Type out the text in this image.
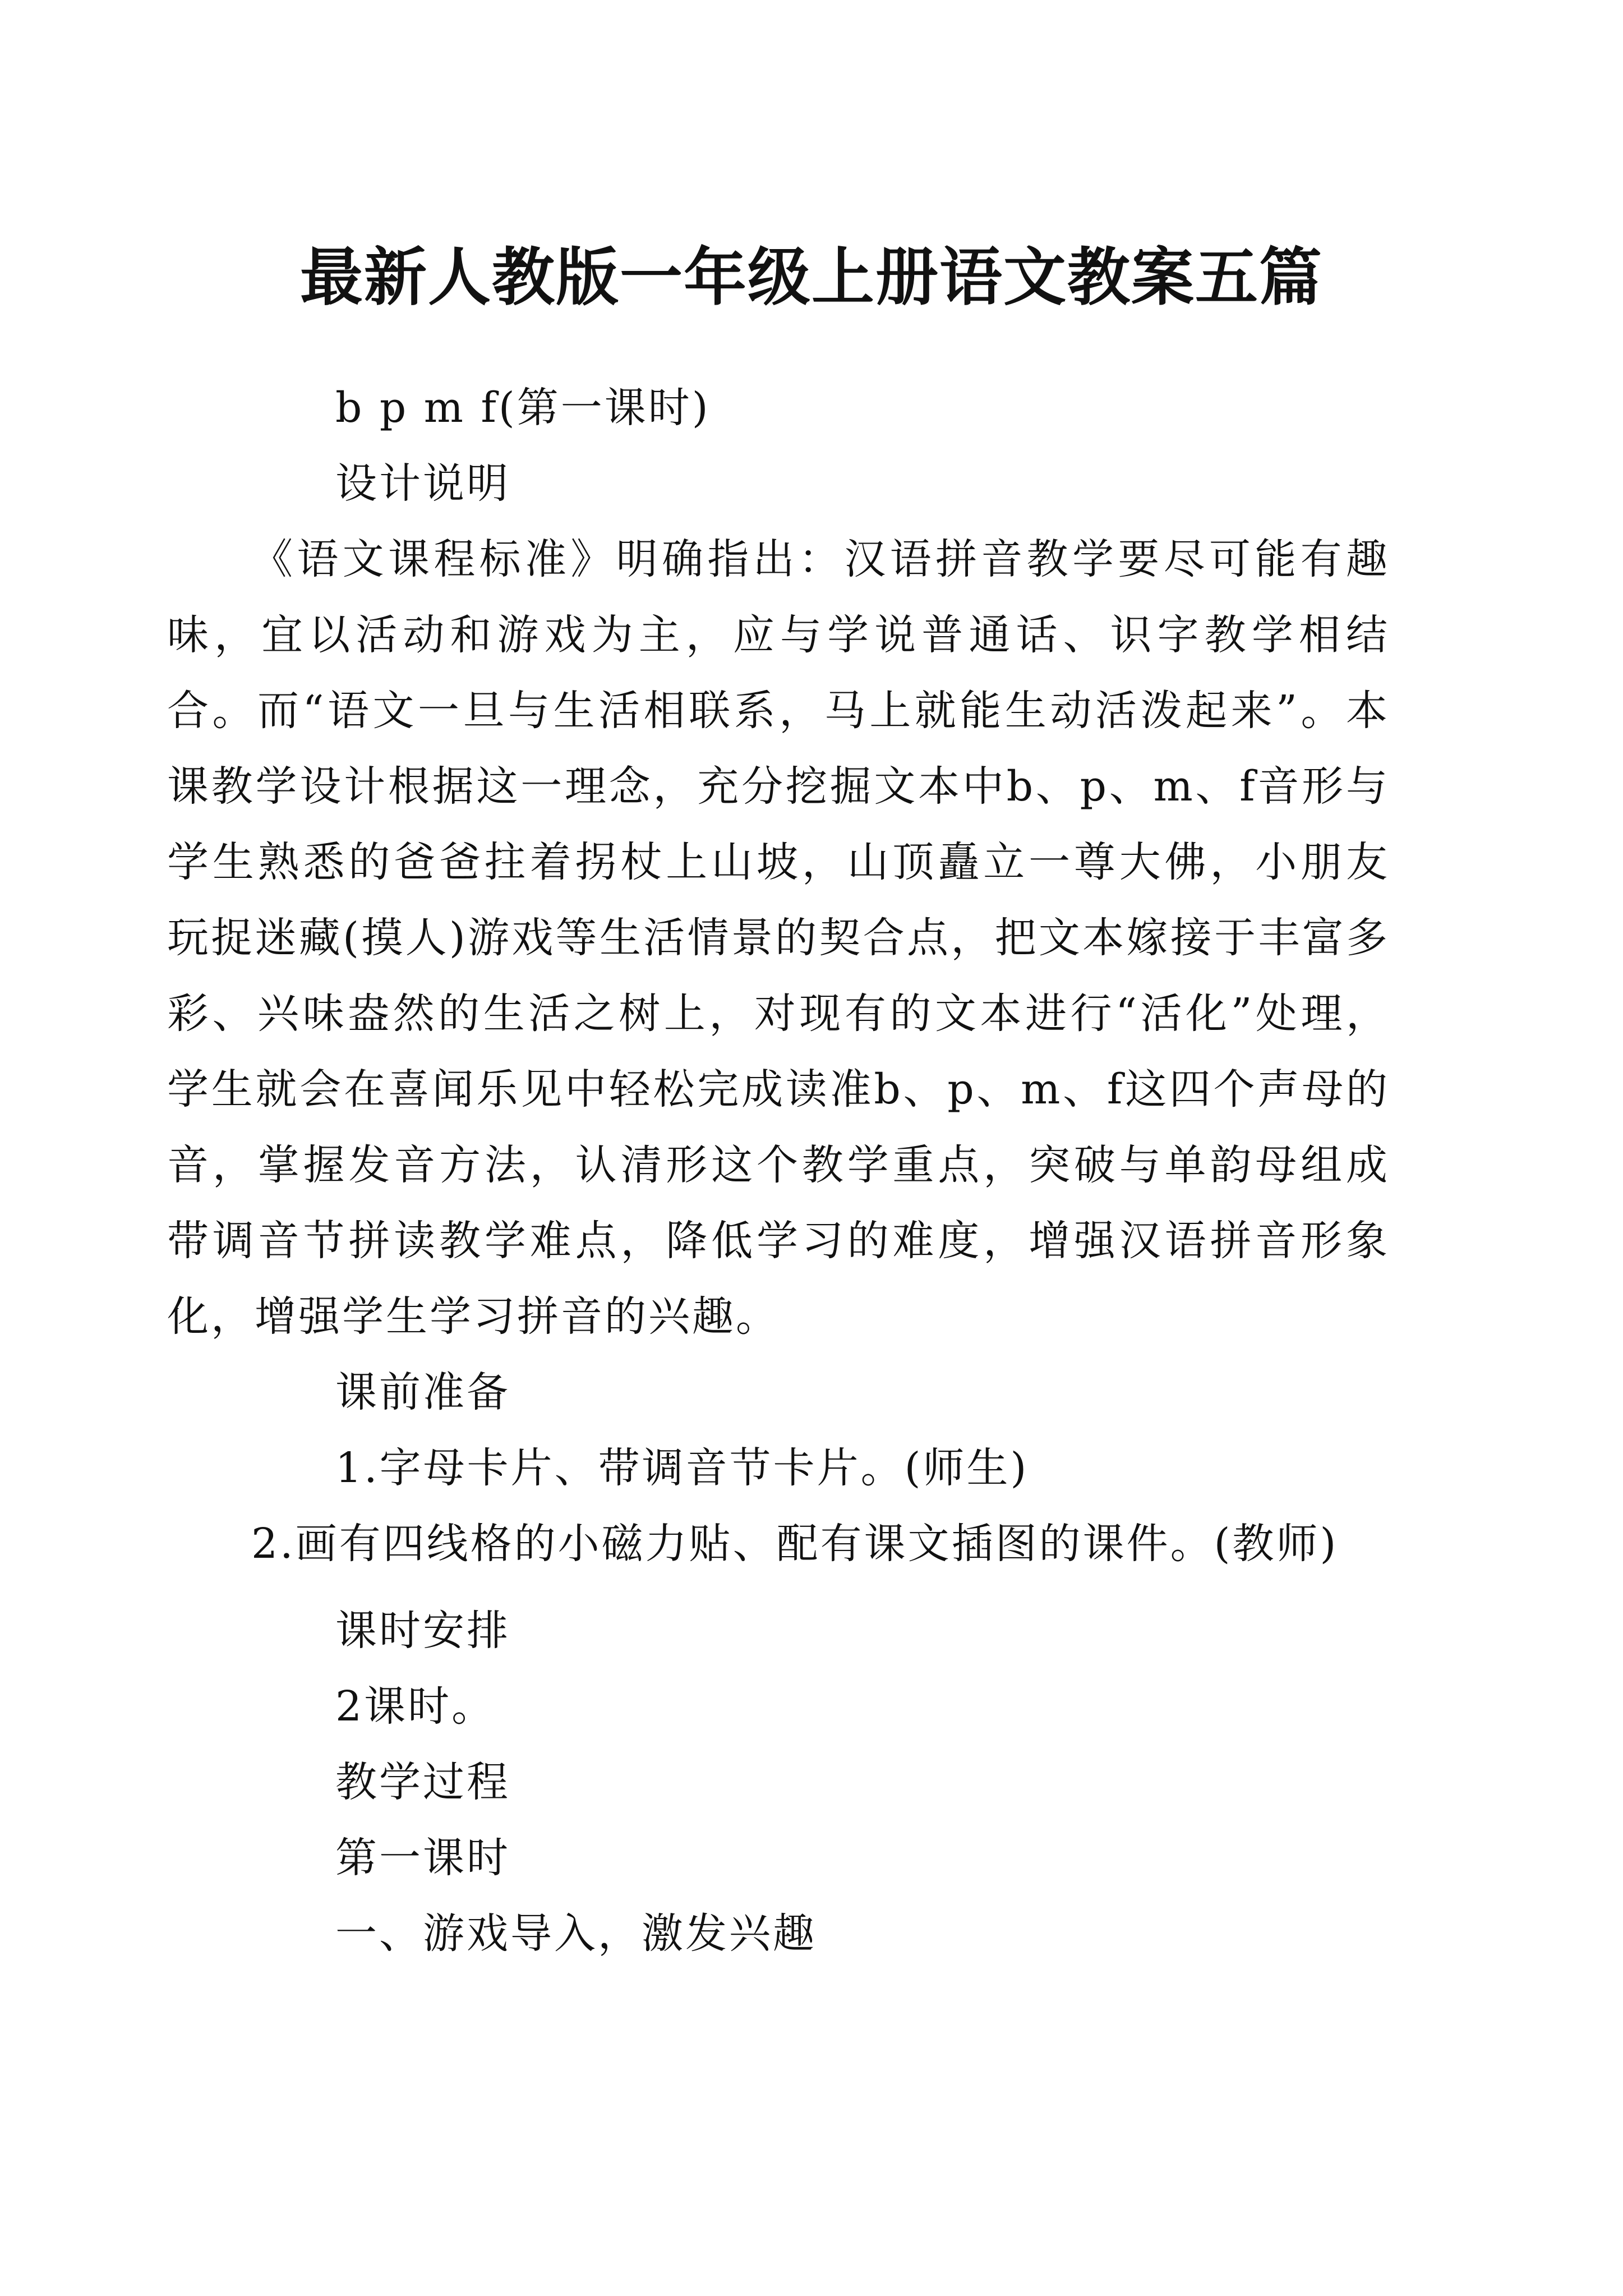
最新人教版一年级上册语文教案五篇

b p m f(第一课时)

设计说明

《语文课程标准》明确指出：汉语拼音教学要尽可能有趣味，宜以活动和游戏为主，应与学说普通话、识字教学相结合。而“语文一旦与生活相联系，马上就能生动活泼起来”。本课教学设计根据这一理念，充分挖掘文本中b、p、m、f音形与学生熟悉的爸爸拄着拐杖上山坡，山顶矗立一尊大佛，小朋友玩捉迷藏(摸人)游戏等生活情景的契合点，把文本嫁接于丰富多彩、兴味盎然的生活之树上，对现有的文本进行“活化”处理，学生就会在喜闻乐见中轻松完成读准b、p、m、f这四个声母的音，掌握发音方法，认清形这个教学重点，突破与单韵母组成带调音节拼读教学难点，降低学习的难度，增强汉语拼音形象化，增强学生学习拼音的兴趣。

课前准备

1.字母卡片、带调音节卡片。(师生)

2.画有四线格的小磁力贴、配有课文插图的课件。(教师)

课时安排

2课时。

教学过程

第一课时

一、游戏导入，激发兴趣
